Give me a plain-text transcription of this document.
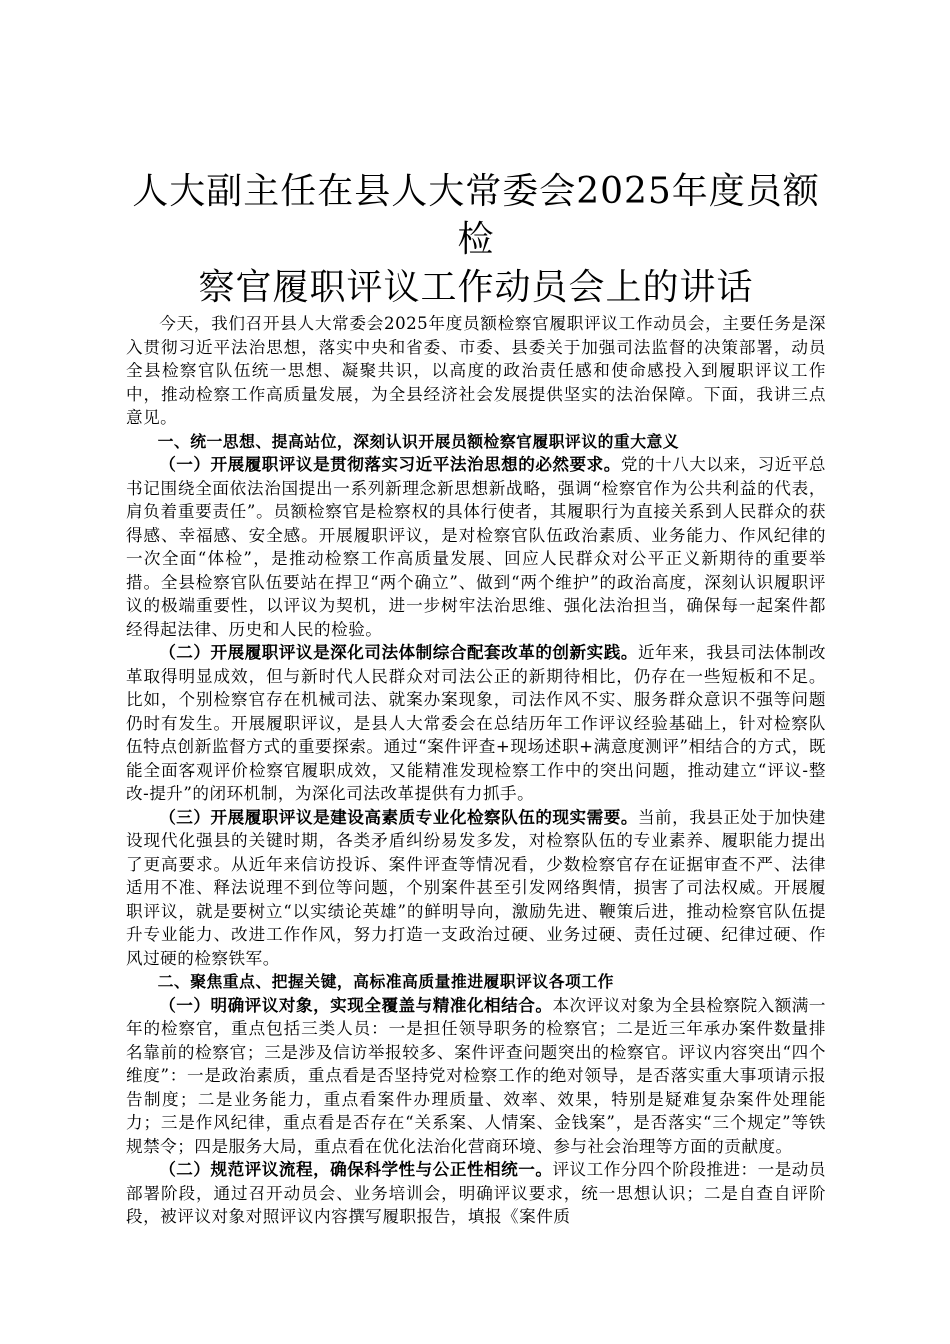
人大副主任在县人大常委会2025年度员额检
察官履职评议工作动员会上的讲话

今天，我们召开县人大常委会2025年度员额检察官履职评议工作动员会，主要任务是深入贯彻习近平法治思想，落实中央和省委、市委、县委关于加强司法监督的决策部署，动员全县检察官队伍统一思想、凝聚共识，以高度的政治责任感和使命感投入到履职评议工作中，推动检察工作高质量发展，为全县经济社会发展提供坚实的法治保障。下面，我讲三点意见。

一、统一思想、提高站位，深刻认识开展员额检察官履职评议的重大意义

（一）开展履职评议是贯彻落实习近平法治思想的必然要求。党的十八大以来，习近平总书记围绕全面依法治国提出一系列新理念新思想新战略，强调“检察官作为公共利益的代表，肩负着重要责任”。员额检察官是检察权的具体行使者，其履职行为直接关系到人民群众的获得感、幸福感、安全感。开展履职评议，是对检察官队伍政治素质、业务能力、作风纪律的一次全面“体检”，是推动检察工作高质量发展、回应人民群众对公平正义新期待的重要举措。全县检察官队伍要站在捍卫“两个确立”、做到“两个维护”的政治高度，深刻认识履职评议的极端重要性，以评议为契机，进一步树牢法治思维、强化法治担当，确保每一起案件都经得起法律、历史和人民的检验。

（二）开展履职评议是深化司法体制综合配套改革的创新实践。近年来，我县司法体制改革取得明显成效，但与新时代人民群众对司法公正的新期待相比，仍存在一些短板和不足。比如，个别检察官存在机械司法、就案办案现象，司法作风不实、服务群众意识不强等问题仍时有发生。开展履职评议，是县人大常委会在总结历年工作评议经验基础上，针对检察队伍特点创新监督方式的重要探索。通过“案件评查+现场述职+满意度测评”相结合的方式，既能全面客观评价检察官履职成效，又能精准发现检察工作中的突出问题，推动建立“评议-整改-提升”的闭环机制，为深化司法改革提供有力抓手。

（三）开展履职评议是建设高素质专业化检察队伍的现实需要。当前，我县正处于加快建设现代化强县的关键时期，各类矛盾纠纷易发多发，对检察队伍的专业素养、履职能力提出了更高要求。从近年来信访投诉、案件评查等情况看，少数检察官存在证据审查不严、法律适用不准、释法说理不到位等问题，个别案件甚至引发网络舆情，损害了司法权威。开展履职评议，就是要树立“以实绩论英雄”的鲜明导向，激励先进、鞭策后进，推动检察官队伍提升专业能力、改进工作作风，努力打造一支政治过硬、业务过硬、责任过硬、纪律过硬、作风过硬的检察铁军。

二、聚焦重点、把握关键，高标准高质量推进履职评议各项工作

（一）明确评议对象，实现全覆盖与精准化相结合。本次评议对象为全县检察院入额满一年的检察官，重点包括三类人员：一是担任领导职务的检察官；二是近三年承办案件数量排名靠前的检察官；三是涉及信访举报较多、案件评查问题突出的检察官。评议内容突出“四个维度”：一是政治素质，重点看是否坚持党对检察工作的绝对领导，是否落实重大事项请示报告制度；二是业务能力，重点看案件办理质量、效率、效果，特别是疑难复杂案件处理能力；三是作风纪律，重点看是否存在“关系案、人情案、金钱案”，是否落实“三个规定”等铁规禁令；四是服务大局，重点看在优化法治化营商环境、参与社会治理等方面的贡献度。

（二）规范评议流程，确保科学性与公正性相统一。评议工作分四个阶段推进：一是动员部署阶段，通过召开动员会、业务培训会，明确评议要求，统一思想认识；二是自查自评阶段，被评议对象对照评议内容撰写履职报告，填报《案件质
